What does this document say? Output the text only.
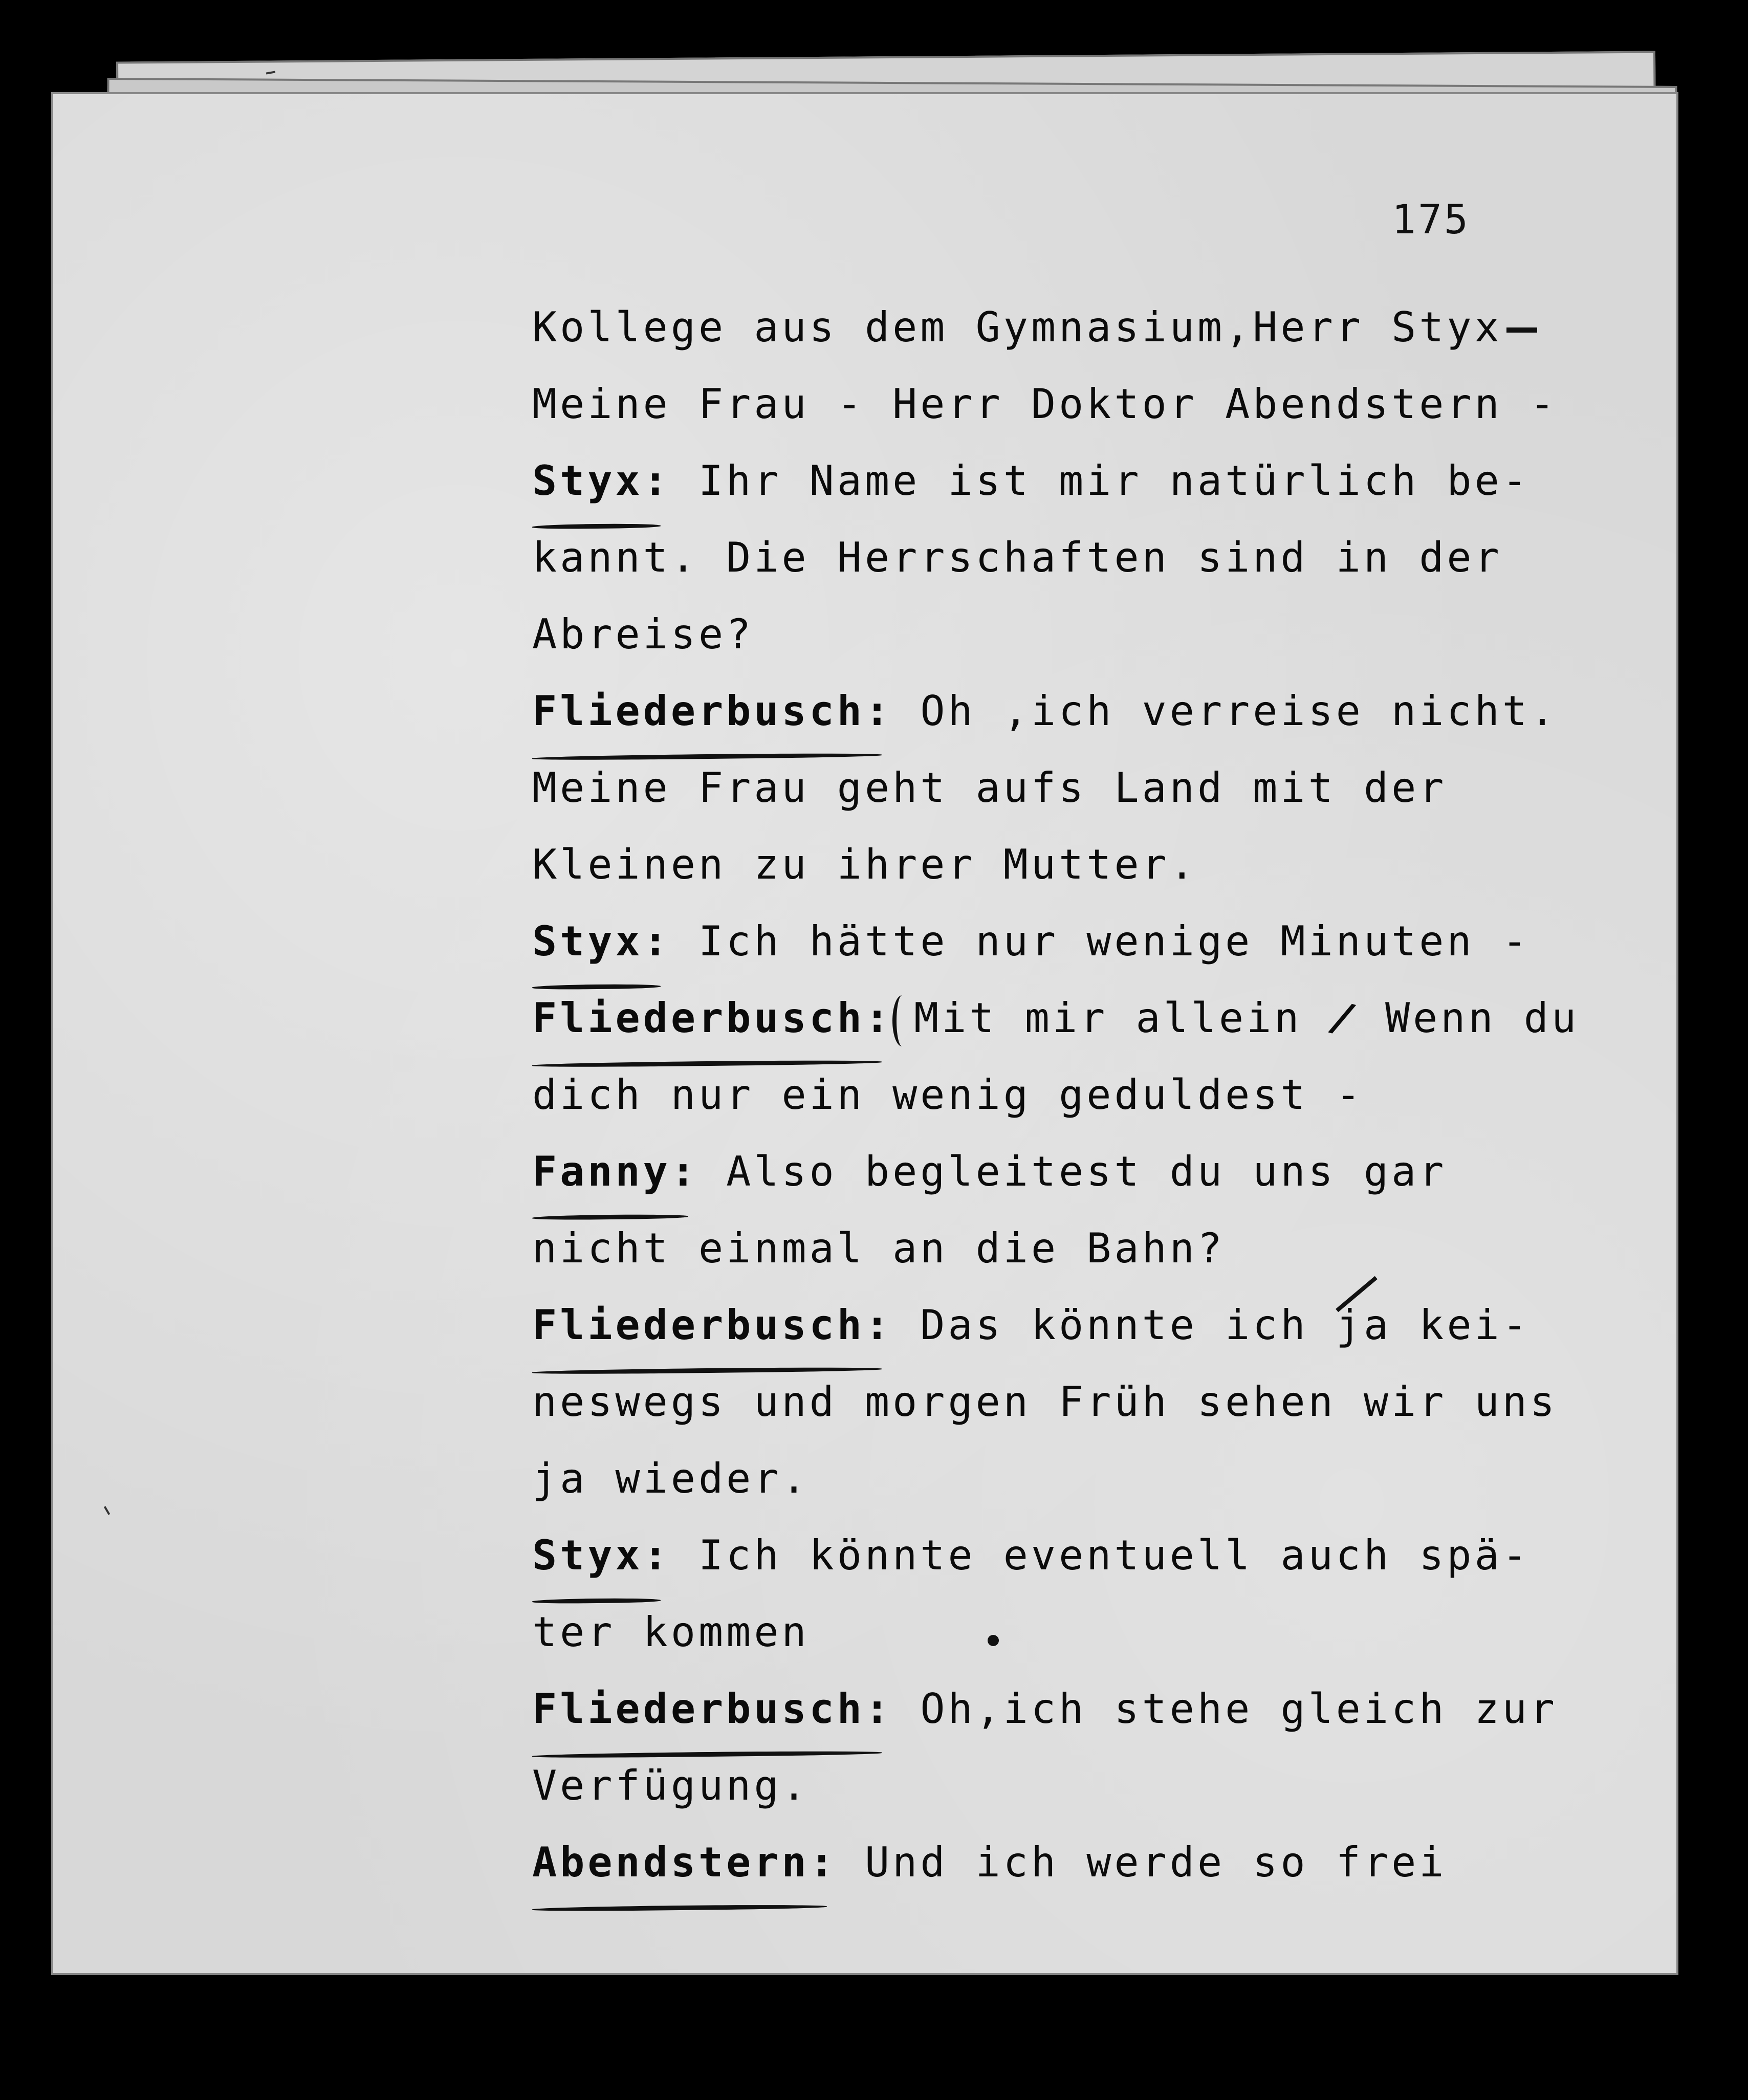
175
Kollege aus dem Gymnasium,Herr Styx
Meine Frau - Herr Doktor Abendstern -
Styx: Ihr Name ist mir natürlich be-
kannt. Die Herrschaften sind in der
Abreise?
Fliederbusch: Oh ,ich verreise nicht.
Meine Frau geht aufs Land mit der
Kleinen zu ihrer Mutter.
Styx: Ich hätte nur wenige Minuten -
Fliederbusch: Mit mir allein / Wenn du
dich nur ein wenig geduldest -
Fanny: Also begleitest du uns gar
nicht einmal an die Bahn?
Fliederbusch: Das könnte ich ja kei-
neswegs und morgen Früh sehen wir uns
ja wieder.
Styx: Ich könnte eventuell auch spä-
ter kommen
Fliederbusch: Oh,ich stehe gleich zur
Verfügung.
Abendstern: Und ich werde so frei
